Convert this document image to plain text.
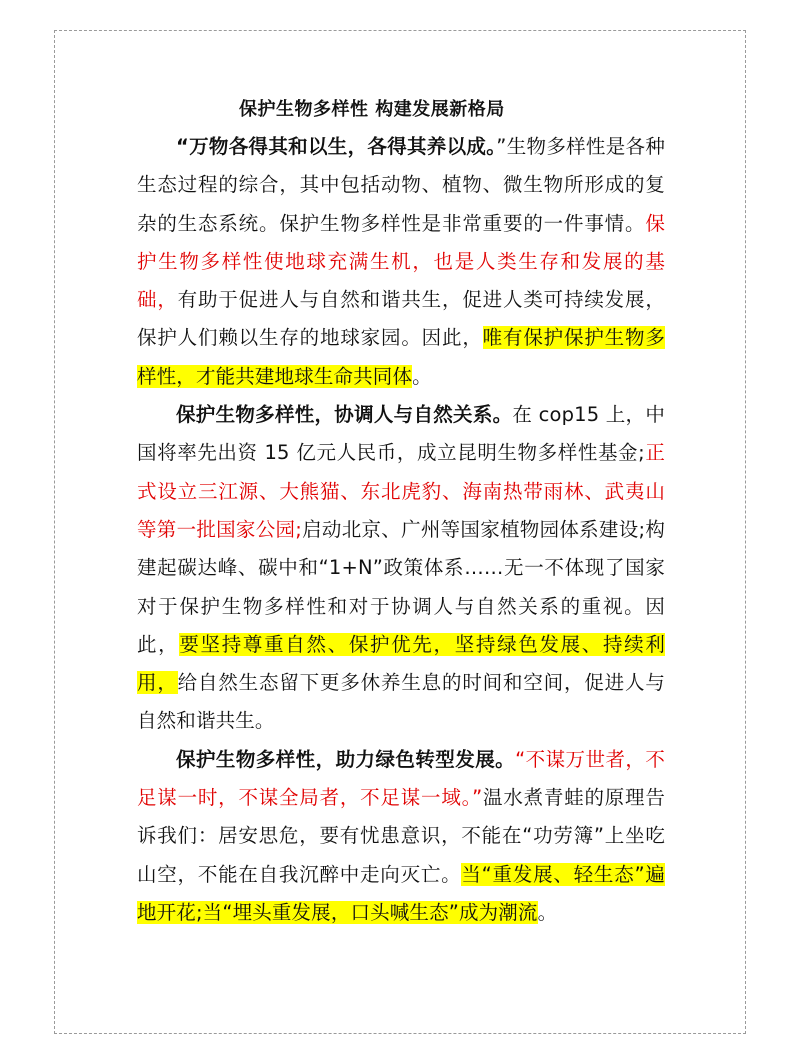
保护生物多样性 构建发展新格局

“万物各得其和以生，各得其养以成。”生物多样性是各种生态过程的综合，其中包括动物、植物、微生物所形成的复杂的生态系统。保护生物多样性是非常重要的一件事情。保护生物多样性使地球充满生机，也是人类生存和发展的基础，有助于促进人与自然和谐共生，促进人类可持续发展，保护人们赖以生存的地球家园。因此，唯有保护保护生物多样性，才能共建地球生命共同体。

保护生物多样性，协调人与自然关系。在 cop15 上，中国将率先出资 15 亿元人民币，成立昆明生物多样性基金;正式设立三江源、大熊猫、东北虎豹、海南热带雨林、武夷山等第一批国家公园;启动北京、广州等国家植物园体系建设;构建起碳达峰、碳中和“1+N”政策体系……无一不体现了国家对于保护生物多样性和对于协调人与自然关系的重视。因此，要坚持尊重自然、保护优先，坚持绿色发展、持续利用，给自然生态留下更多休养生息的时间和空间，促进人与自然和谐共生。

保护生物多样性，助力绿色转型发展。“不谋万世者，不足谋一时，不谋全局者，不足谋一域。”温水煮青蛙的原理告诉我们：居安思危，要有忧患意识，不能在“功劳簿”上坐吃山空，不能在自我沉醉中走向灭亡。当“重发展、轻生态”遍地开花;当“埋头重发展，口头喊生态”成为潮流。
